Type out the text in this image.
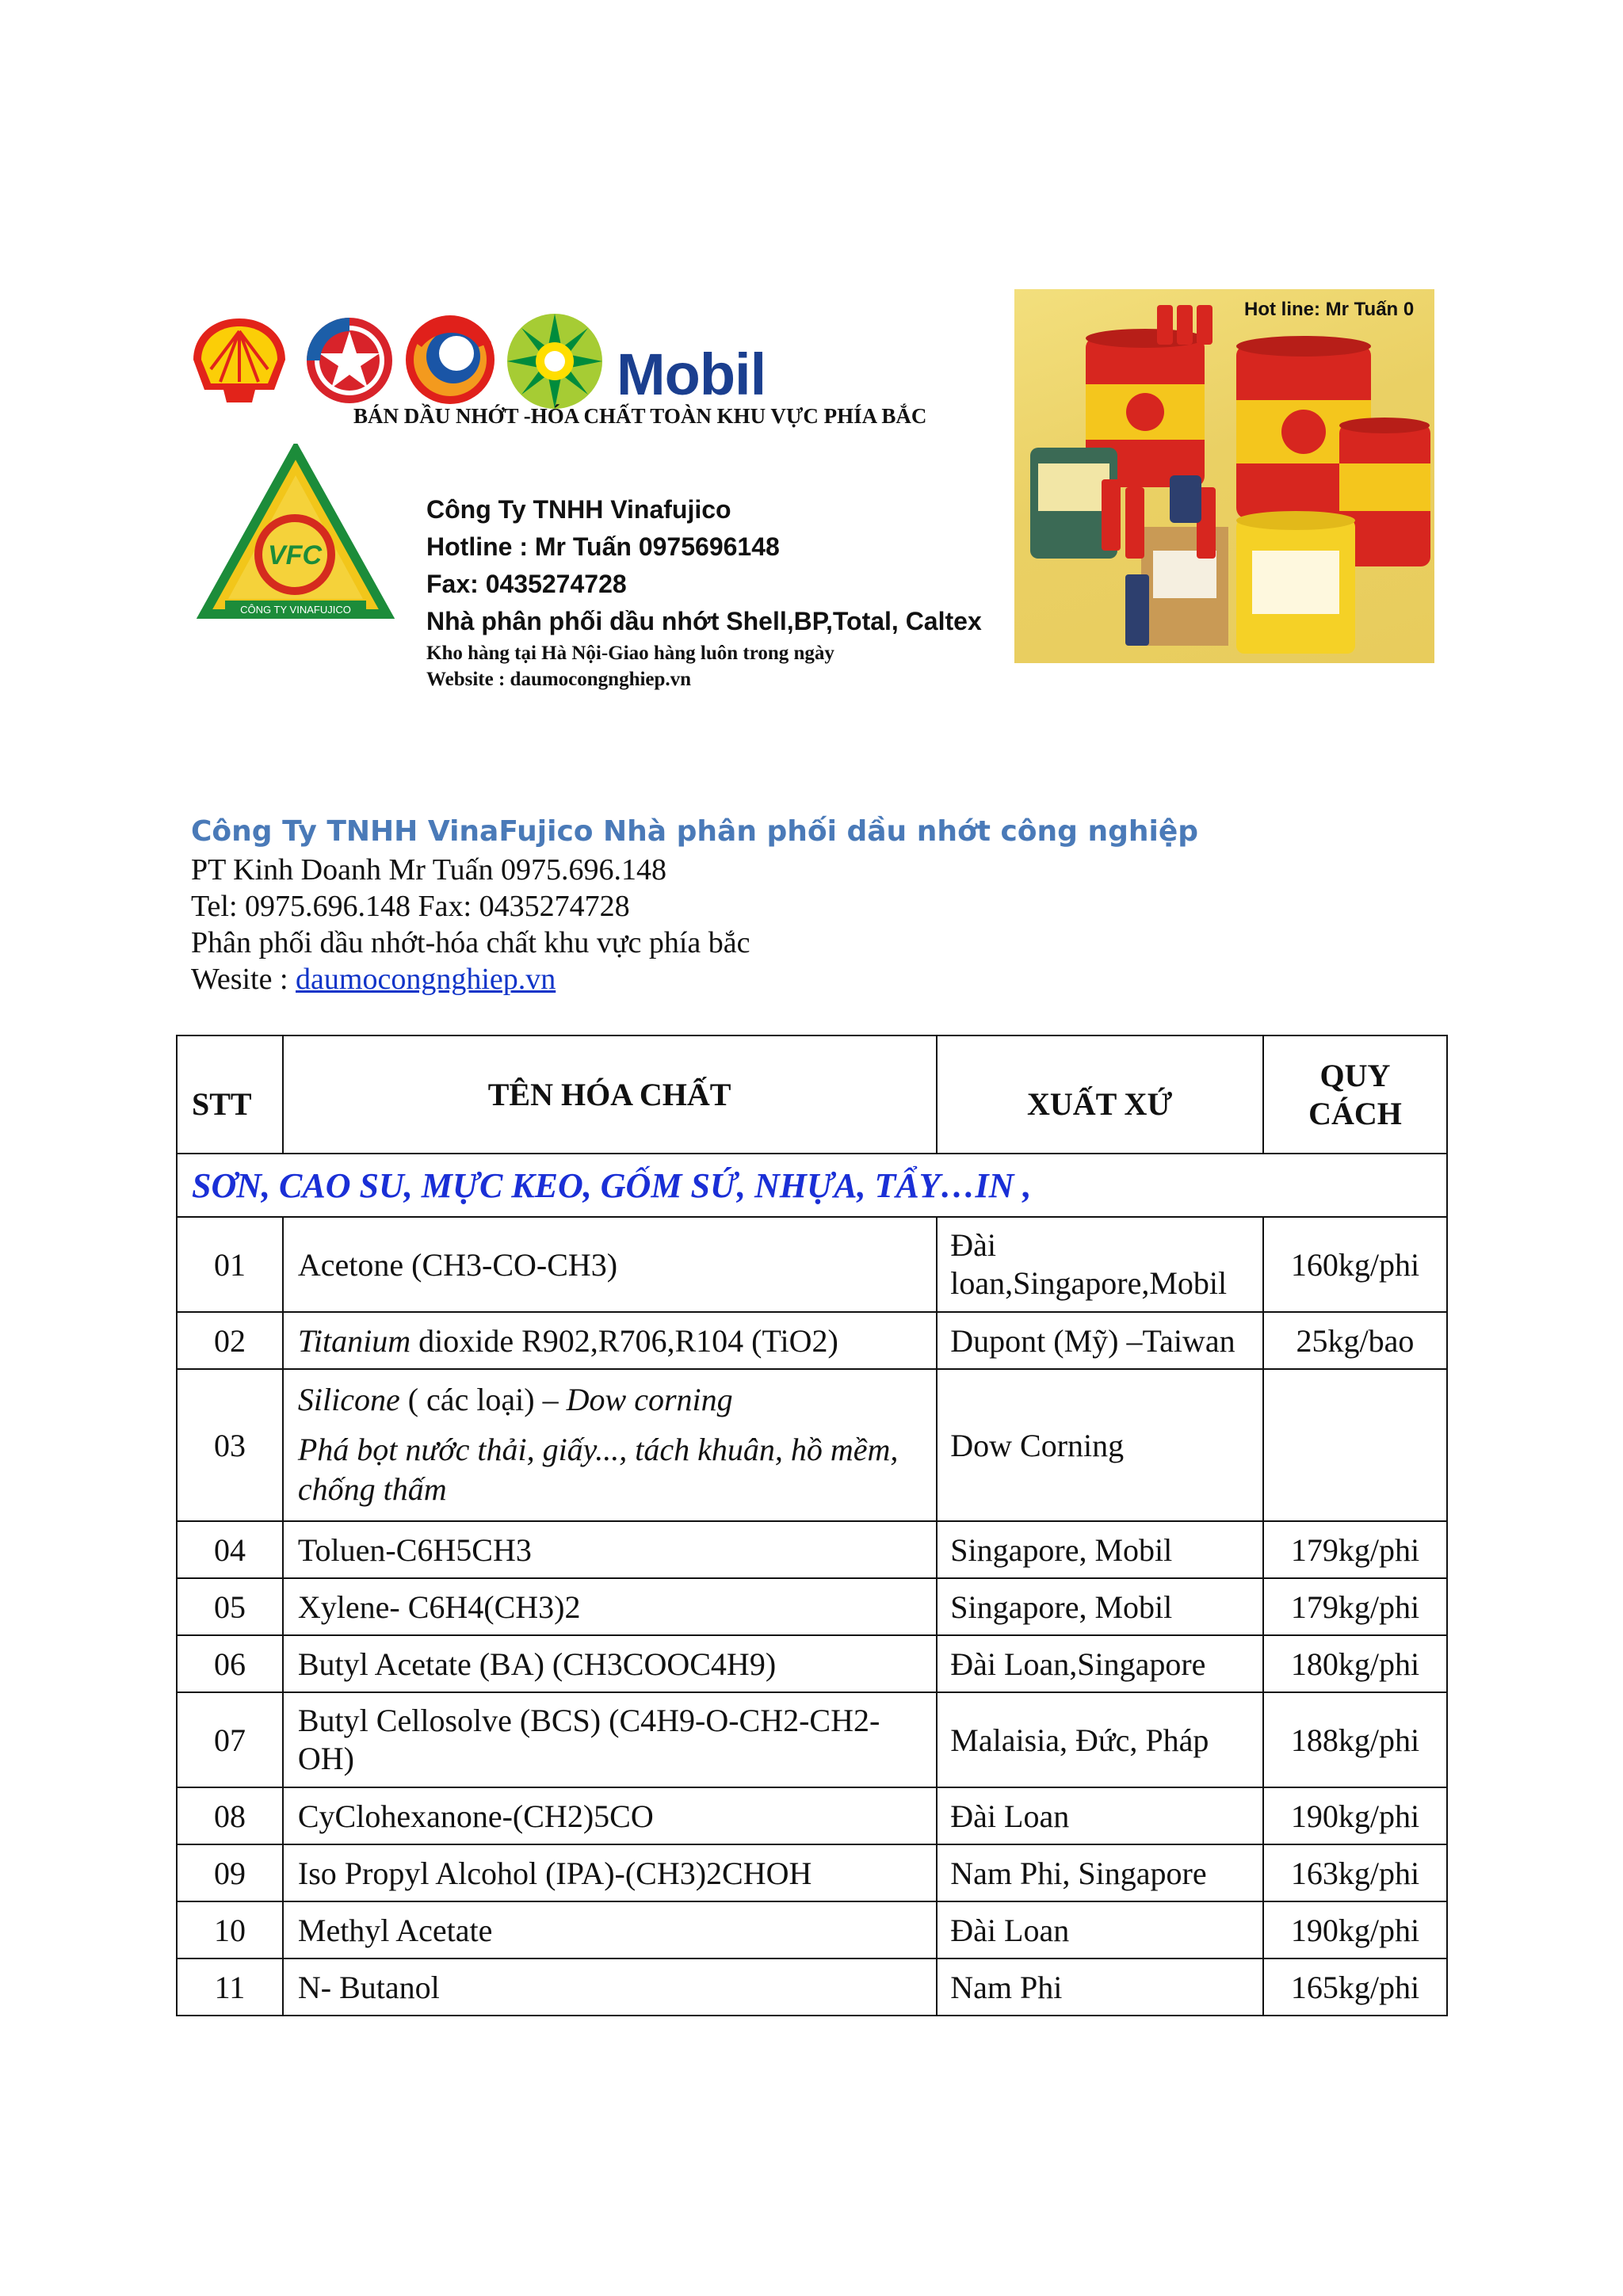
Mobil
BÁN DẦU NHỚT -HÓA CHẤT TOÀN KHU VỰC PHÍA BẮC
VFC
CÔNG TY VINAFUJICO
Công Ty TNHH Vinafujico
Hotline : Mr Tuấn 0975696148
Fax: 0435274728
Nhà phân phối dầu nhớt Shell,BP,Total, Caltex
Kho hàng tại Hà Nội-Giao hàng luôn trong ngày
Website : daumocongnghiep.vn
Hot line: Mr Tuấn 0
Công Ty TNHH VinaFujico Nhà phân phối dầu nhớt công nghiệp
PT Kinh Doanh Mr Tuấn 0975.696.148
Tel: 0975.696.148 Fax: 0435274728
Phân phối dầu nhớt-hóa chất khu vực phía bắc
Wesite : daumocongnghiep.vn
STT	TÊN HÓA CHẤT	XUẤT XỨ	QUY
CÁCH

SƠN, CAO SU, MỰC KEO, GỐM SỨ, NHỰA, TẨY…IN ,			
01	Acetone (CH3-CO-CH3)	Đài
loan,Singapore,Mobil	160kg/phi
02	Titanium dioxide R902,R706,R104 (TiO2)	Dupont (Mỹ) –Taiwan	25kg/bao
03	Silicone ( các loại) – Dow corning
Phá bọt nước thải, giấy..., tách khuân, hồ mềm, chống thấm	Dow Corning	
04	Toluen-C6H5CH3	Singapore, Mobil	179kg/phi
05	Xylene- C6H4(CH3)2	Singapore, Mobil	179kg/phi
06	Butyl Acetate (BA) (CH3COOC4H9)	Đài Loan,Singapore	180kg/phi
07	Butyl Cellosolve (BCS) (C4H9-O-CH2-CH2-
OH)	Malaisia, Đức, Pháp	188kg/phi
08	CyClohexanone-(CH2)5CO	Đài Loan	190kg/phi
09	Iso Propyl Alcohol (IPA)-(CH3)2CHOH	Nam Phi, Singapore	163kg/phi
10	Methyl Acetate	Đài Loan	190kg/phi
11	N- Butanol	Nam Phi	165kg/phi
